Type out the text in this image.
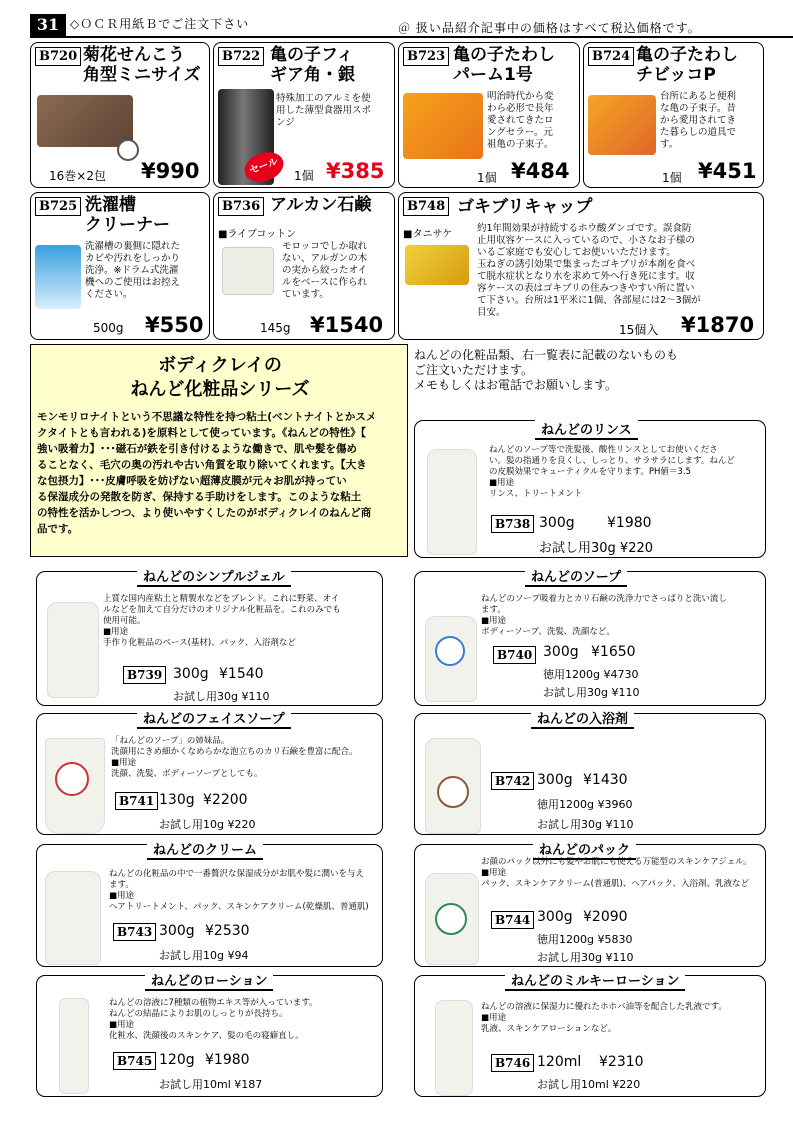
31 ◇ＯＣＲ用紙Ｂでご注文下さい	＠ 扱い品紹介記事中の価格はすべて税込価格です。
B720 菊花せんこう
角型ミニサイズ
16巻×2包 ¥990
B722 亀の子フィ
ギア角・銀
セール
特殊加工のアルミを使
用した薄型食器用スポ
ンジ
1個 ¥385
B723 亀の子たわし
パーム1号
明治時代から変
わら必形で長年
愛されてきたロ
ングセラー。元
祖亀の子束子。
1個 ¥484
B724 亀の子たわし
チビッコP
台所にあると便利
な亀の子束子。昔
から愛用されてき
た暮らしの道具で
す。
1個 ¥451
B725 洗濯槽
クリーナー
洗濯槽の裏側に隠れた
カビや汚れをしっかり
洗浄。※ドラム式洗濯
機へのご使用はお控え
ください。
500g ¥550
B736 アルカン石鹸
■ライブコットン
モロッコでしか取れ
ない、アルガンの木
の実から絞ったオイ
ルをベースに作られ
ています。
145g ¥1540
B748 ゴキブリキャップ
■タニサケ
約1年間効果が持続するホウ酸ダンゴです。誤食防
止用収容ケースに入っているので、小さなお子様の
いるご家庭でも安心してお使いいただけます。
玉ねぎの誘引効果で集まったゴキブリが本剤を食べ
て脱水症状となり水を求めて外へ行き死にます。収
容ケースの表はゴキブリの住みつきやすい所に置い
て下さい。台所は1平米に1個、各部屋には2～3個が
目安。
15個入 ¥1870
ボディクレイの
ねんど化粧品シリーズ
モンモリロナイトという不思議な特性を持つ粘土(ベントナイトとかスメ
クタイトとも言われる)を原料として使っています。《ねんどの特性》【
強い吸着力】･･･磁石が鉄を引き付けるような働きで、肌や髪を傷め
ることなく、毛穴の奥の汚れや古い角質を取り除いてくれます。【大き
な包摂力】･･･皮膚呼吸を妨げない超薄皮膜が元々お肌が持ってい
る保湿成分の発散を防ぎ、保持する手助けをします。このような粘土
の特性を活かしつつ、より使いやすくしたのがボディクレイのねんど商
品です。
ねんどの化粧品類、右一覧表に記載のないものも
ご注文いただけます。
メモもしくはお電話でお願いします。
ねんどのリンス
ねんどのソープ等で洗髪後、酸性リンスとしてお使いくださ
い。髪の指通りを良くし、しっとり、サラサラにします。ねんど
の皮膜効果でキューティクルを守ります。PH値＝3.5
■用途
リンス、トリートメント
B738 300g ¥1980
お試し用30g ¥220
ねんどのシンプルジェル
上質な国内産粘土と精製水などをブレンド。これに野菜、オイ
ルなどを加えて自分だけのオリジナル化粧品を。これのみでも
使用可能。
■用途
手作り化粧品のベース(基材)、パック、入浴剤など
B739 300g ¥1540
お試し用30g ¥110
ねんどのソープ
ねんどのソープ吸着力とカリ石鹸の洗浄力でさっぱりと洗い流し
ます。
■用途
ボディーソープ、洗髪、洗顔など。
B740 300g ¥1650
徳用1200g ¥4730
お試し用30g ¥110
ねんどのフェイスソープ
「ねんどのソープ」の姉妹品。
洗顔用にきめ細かくなめらかな泡立ちのカリ石鹸を豊富に配合。
■用途
洗顔、洗髪、ボディーソープとしても。
B741 130g ¥2200
お試し用10g ¥220
ねんどの入浴剤
B742 300g ¥1430
徳用1200g ¥3960
お試し用30g ¥110
ねんどのクリーム
ねんどの化粧品の中で一番贅沢な保湿成分がお肌や髪に潤いを与え
ます。
■用途
ヘアトリートメント、パック、スキンケアクリーム(乾燥肌、普通肌)
B743 300g ¥2530
お試し用10g ¥94
ねんどのパック
お顔のパック以外にも髪やお肌にも使える万能型のスキンケアジェル。
■用途
パック、スキンケアクリーム(普通肌)、ヘアパック、入浴剤、乳液など
B744 300g ¥2090
徳用1200g ¥5830
お試し用30g ¥110
ねんどのローション
ねんどの溶液に7種類の植物エキス等が入っています。
ねんどの結晶によりお肌のしっとりが長持ち。
■用途
化粧水、洗顔後のスキンケア、髪の毛の寝癖直し。
B745 120g ¥1980
お試し用10ml ¥187
ねんどのミルキーローション
ねんどの溶液に保湿力に優れたホホバ油等を配合した乳液です。
■用途
乳液、スキンケアローションなど。
B746 120ml ¥2310
お試し用10ml ¥220
